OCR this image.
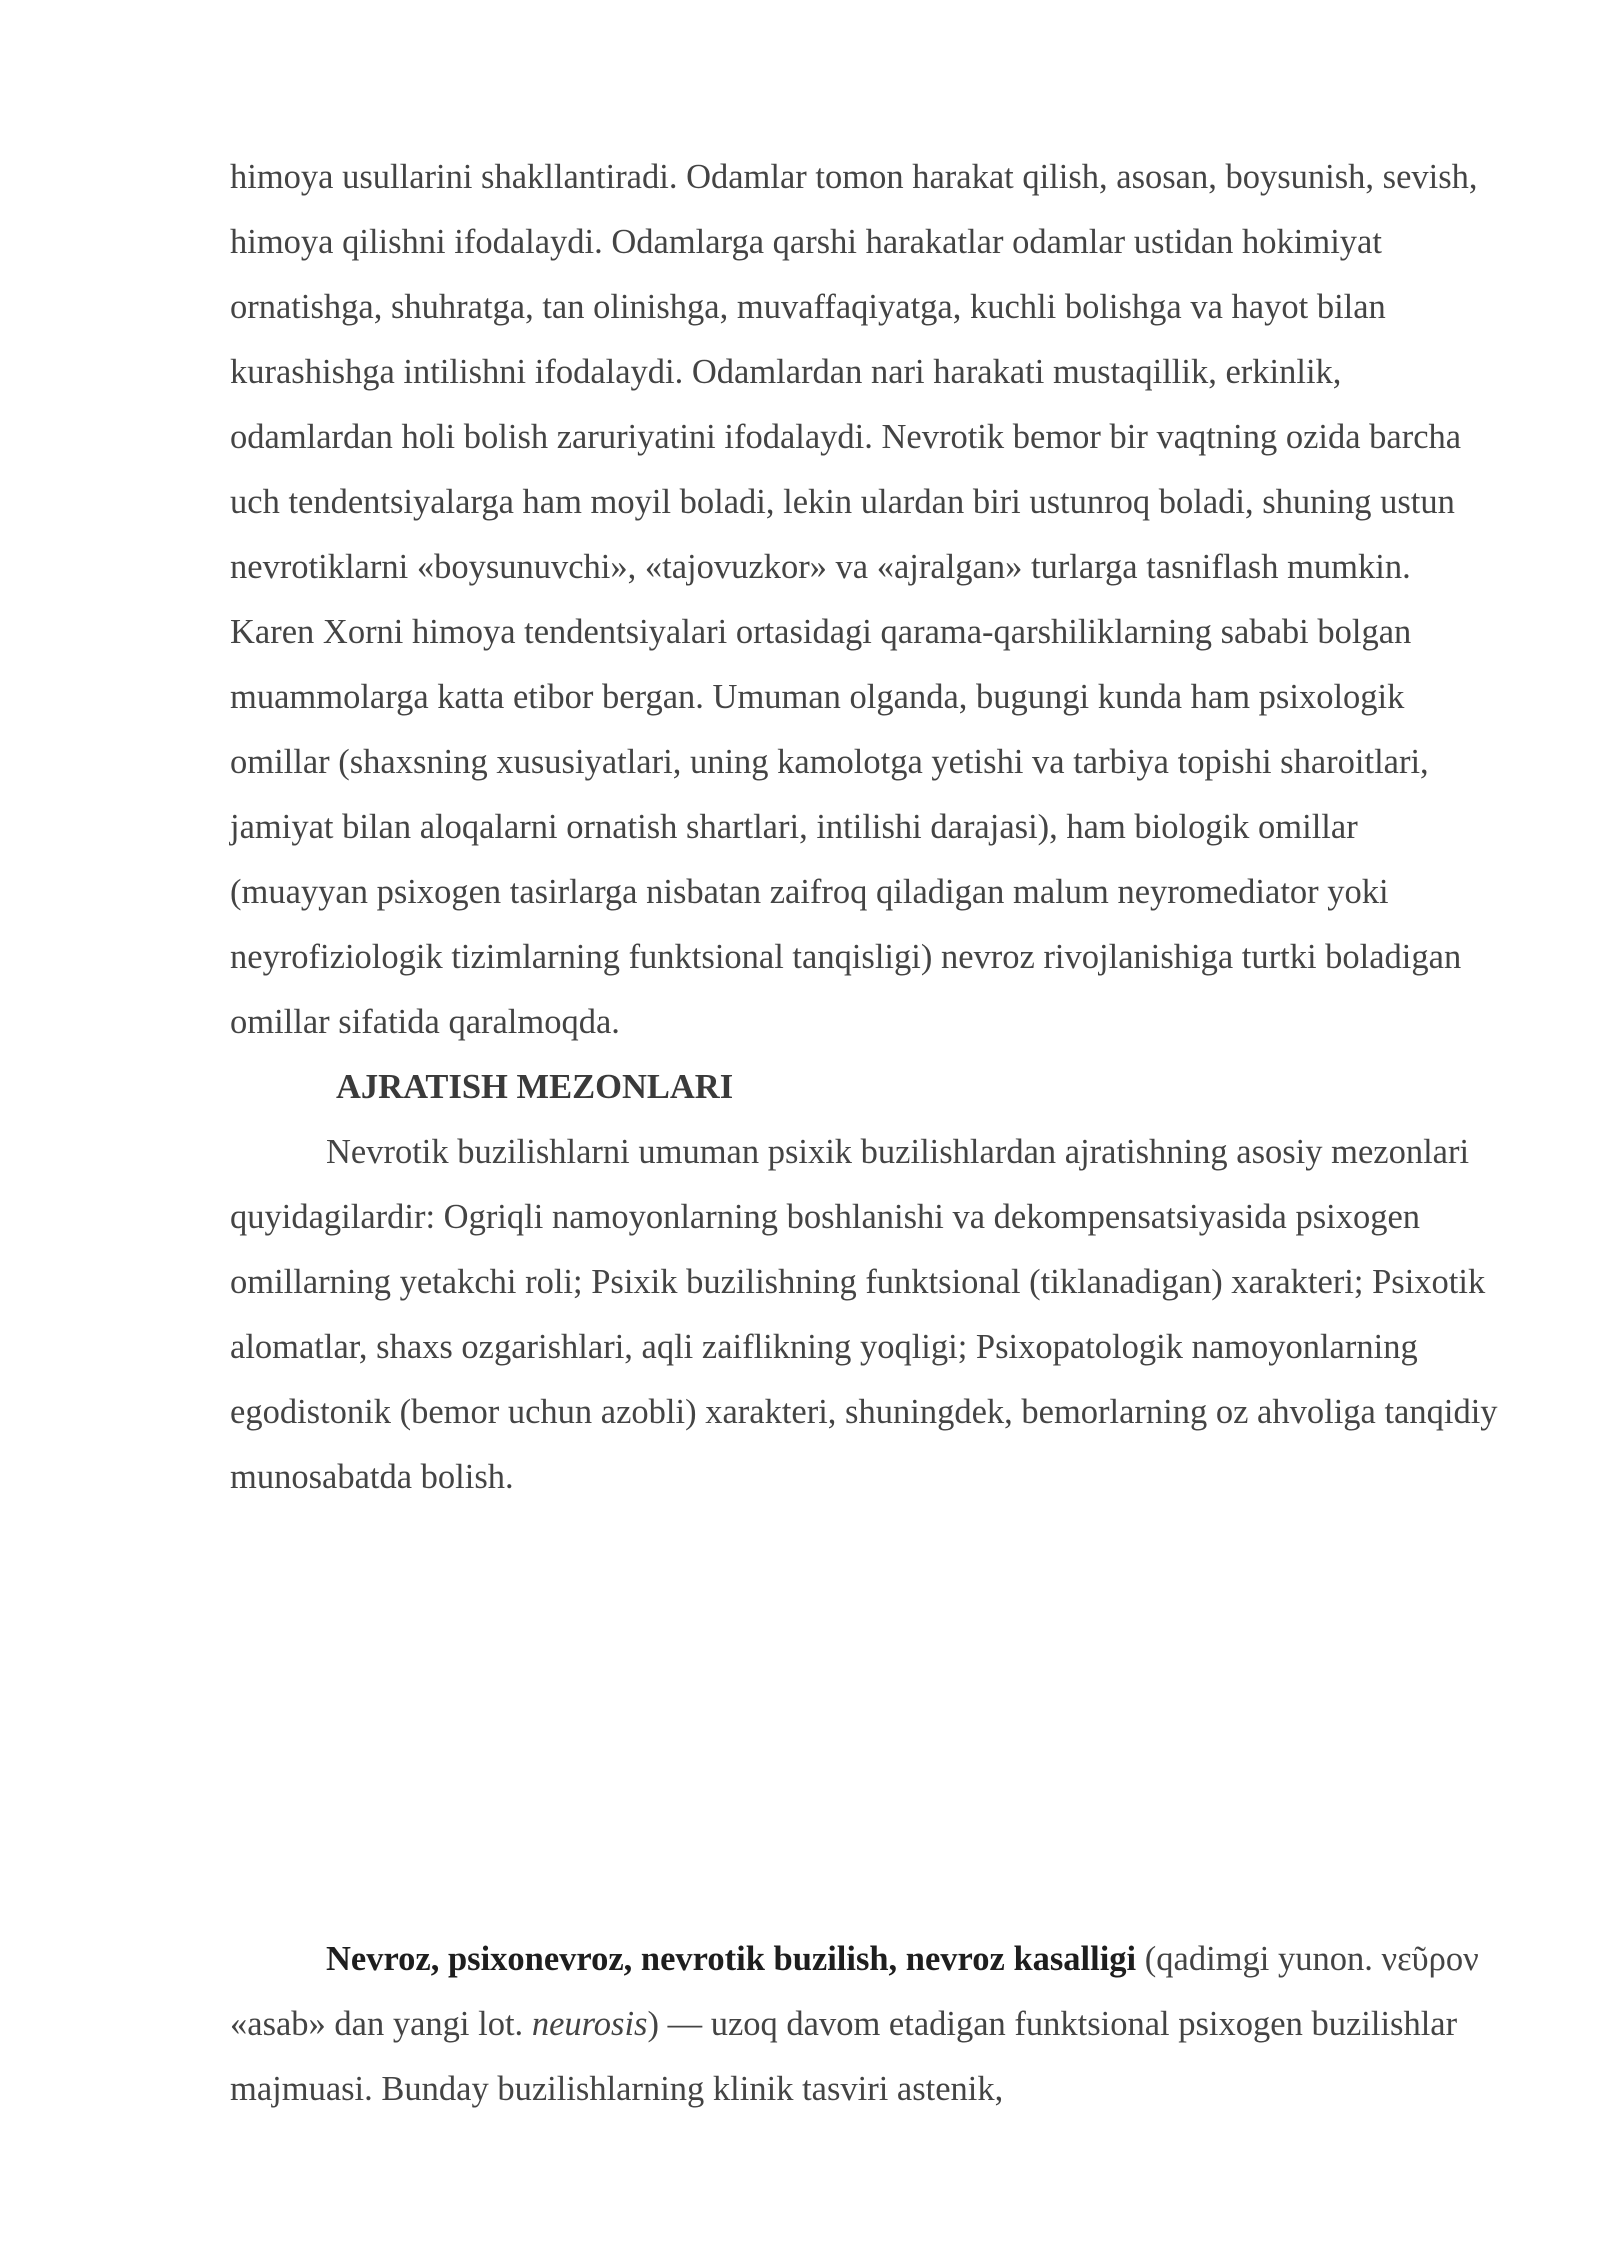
himoya usullarini shakllantiradi. Odamlar tomon harakat qilish, asosan, boysunish, sevish, himoya qilishni ifodalaydi. Odamlarga qarshi harakatlar odamlar ustidan hokimiyat ornatishga, shuhratga, tan olinishga, muvaffaqiyatga, kuchli bolishga va hayot bilan kurashishga intilishni ifodalaydi. Odamlardan nari harakati mustaqillik, erkinlik, odamlardan holi bolish zaruriyatini ifodalaydi. Nevrotik bemor bir vaqtning ozida barcha uch tendentsiyalarga ham moyil boladi, lekin ulardan biri ustunroq boladi, shuning ustun nevrotiklarni «boysunuvchi», «tajovuzkor» va «ajralgan» turlarga tasniflash mumkin. Karen Xorni himoya tendentsiyalari ortasidagi qarama-qarshiliklarning sababi bolgan muammolarga katta etibor bergan. Umuman olganda, bugungi kunda ham psixologik omillar (shaxsning xususiyatlari, uning kamolotga yetishi va tarbiya topishi sharoitlari, jamiyat bilan aloqalarni ornatish shartlari, intilishi darajasi), ham biologik omillar (muayyan psixogen tasirlarga nisbatan zaifroq qiladigan malum neyromediator yoki neyrofiziologik tizimlarning funktsional tanqisligi) nevroz rivojlanishiga turtki boladigan omillar sifatida qaralmoqda.

AJRATISH MEZONLARI

Nevrotik buzilishlarni umuman psixik buzilishlardan ajratishning asosiy mezonlari quyidagilardir: Ogriqli namoyonlarning boshlanishi va dekompensatsiyasida psixogen omillarning yetakchi roli; Psixik buzilishning funktsional (tiklanadigan) xarakteri; Psixotik alomatlar, shaxs ozgarishlari, aqli zaiflikning yoqligi; Psixopatologik namoyonlarning egodistonik (bemor uchun azobli) xarakteri, shuningdek, bemorlarning oz ahvoliga tanqidiy munosabatda bolish.

Nevroz, psixonevroz, nevrotik buzilish, nevroz kasalligi (qadimgi yunon. νεῦρον «asab» dan yangi lot. neurosis) — uzoq davom etadigan funktsional psixogen buzilishlar majmuasi. Bunday buzilishlarning klinik tasviri astenik,
